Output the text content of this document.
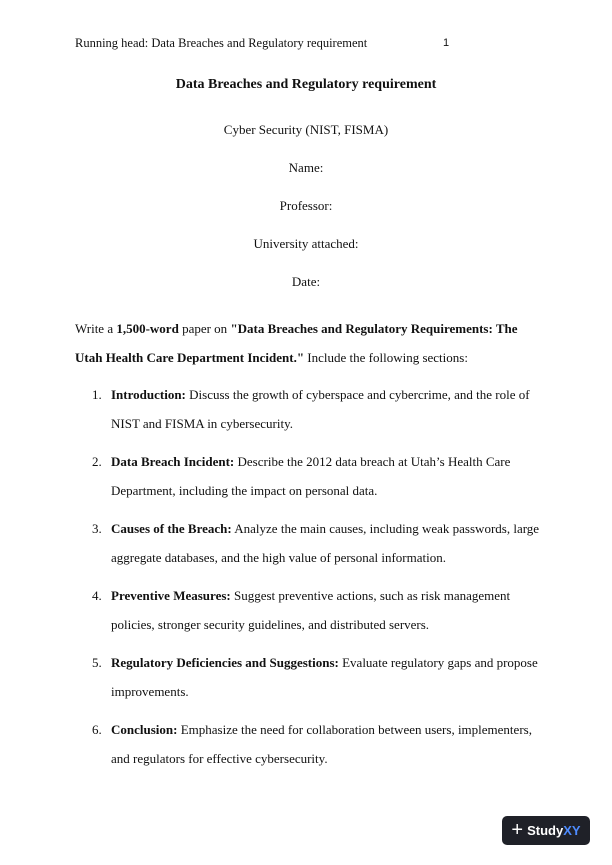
Running head: Data Breaches and Regulatory requirement	1
Data Breaches and Regulatory requirement
Cyber Security (NIST, FISMA)
Name:
Professor:
University attached:
Date:
Write a 1,500-word paper on "Data Breaches and Regulatory Requirements: The Utah Health Care Department Incident." Include the following sections:
1. Introduction: Discuss the growth of cyberspace and cybercrime, and the role of NIST and FISMA in cybersecurity.
2. Data Breach Incident: Describe the 2012 data breach at Utah’s Health Care Department, including the impact on personal data.
3. Causes of the Breach: Analyze the main causes, including weak passwords, large aggregate databases, and the high value of personal information.
4. Preventive Measures: Suggest preventive actions, such as risk management policies, stronger security guidelines, and distributed servers.
5. Regulatory Deficiencies and Suggestions: Evaluate regulatory gaps and propose improvements.
6. Conclusion: Emphasize the need for collaboration between users, implementers, and regulators for effective cybersecurity.
+ StudyXY
